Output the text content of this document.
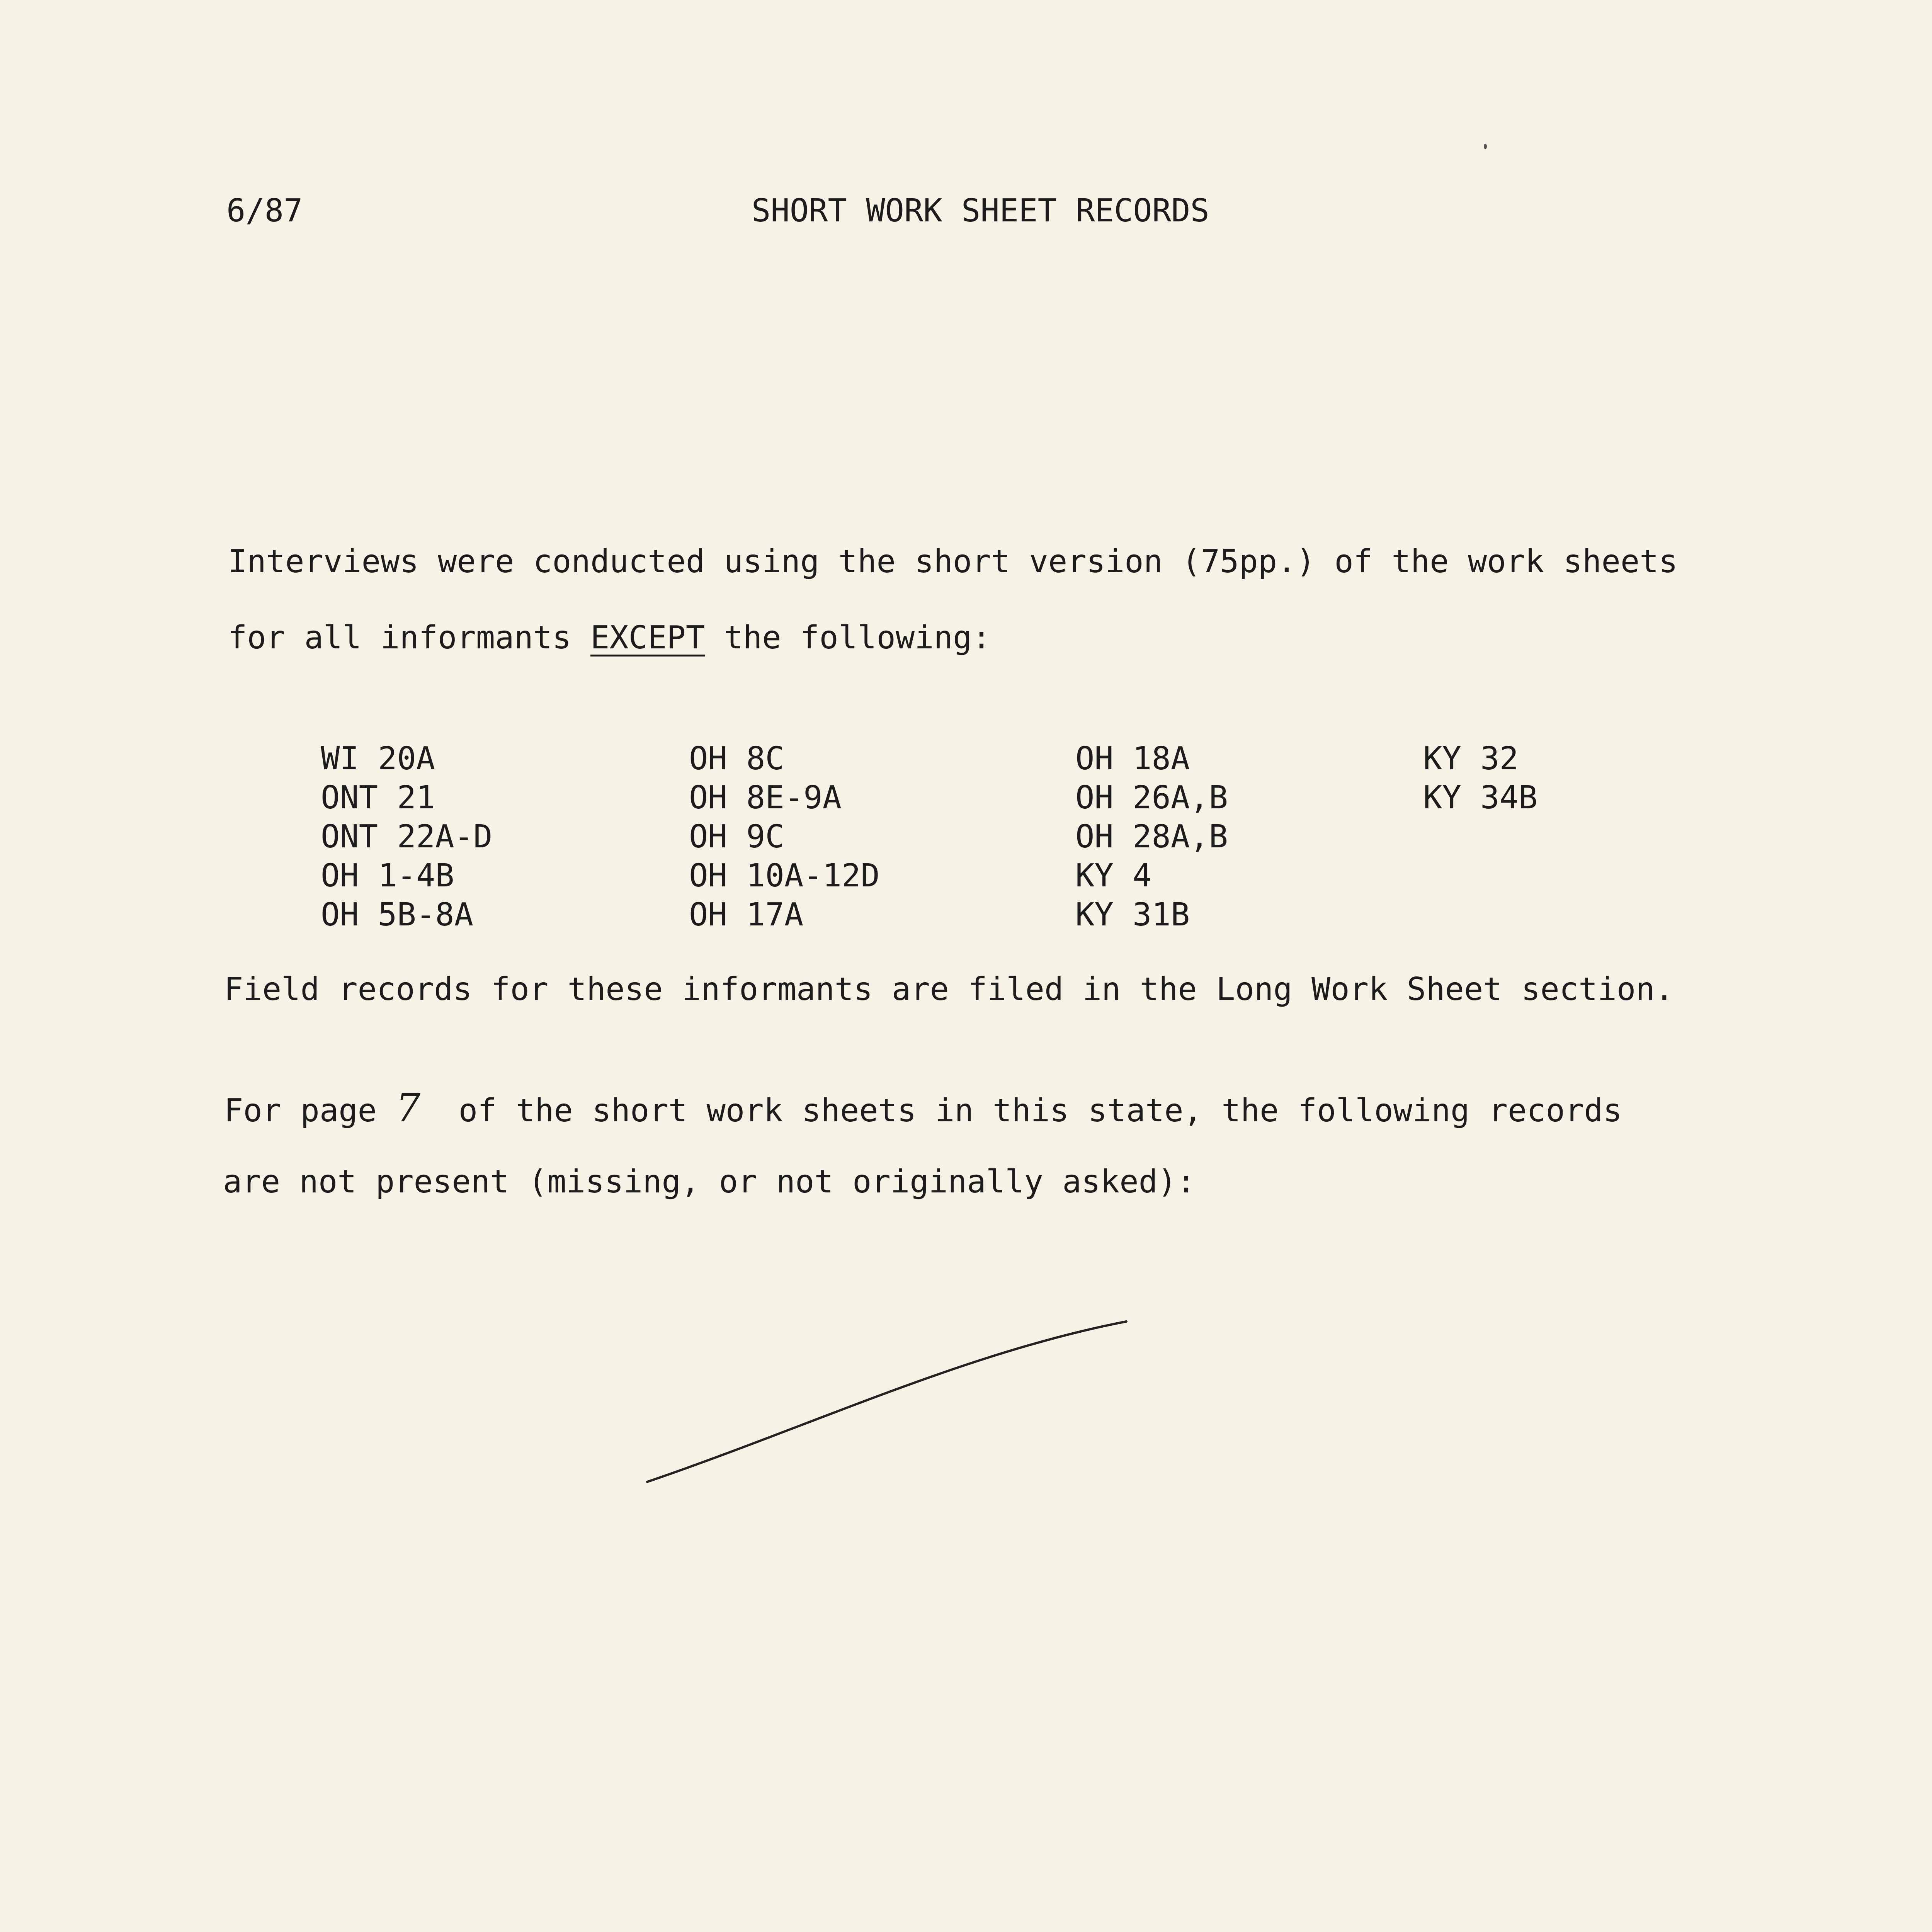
6/87	SHORT WORK SHEET RECORDS
Interviews were conducted using the short version (75pp.) of the work sheets
for all informants EXCEPT the following:
WI 20A
ONT 21
ONT 22A-D
OH 1-4B
OH 5B-8A
OH 8C
OH 8E-9A
OH 9C
OH 10A-12D
OH 17A
OH 18A
OH 26A,B
OH 28A,B
KY 4
KY 31B
KY 32
KY 34B
Field records for these informants are filed in the Long Work Sheet section.
For page 7  of the short work sheets in this state, the following records
are not present (missing, or not originally asked):
